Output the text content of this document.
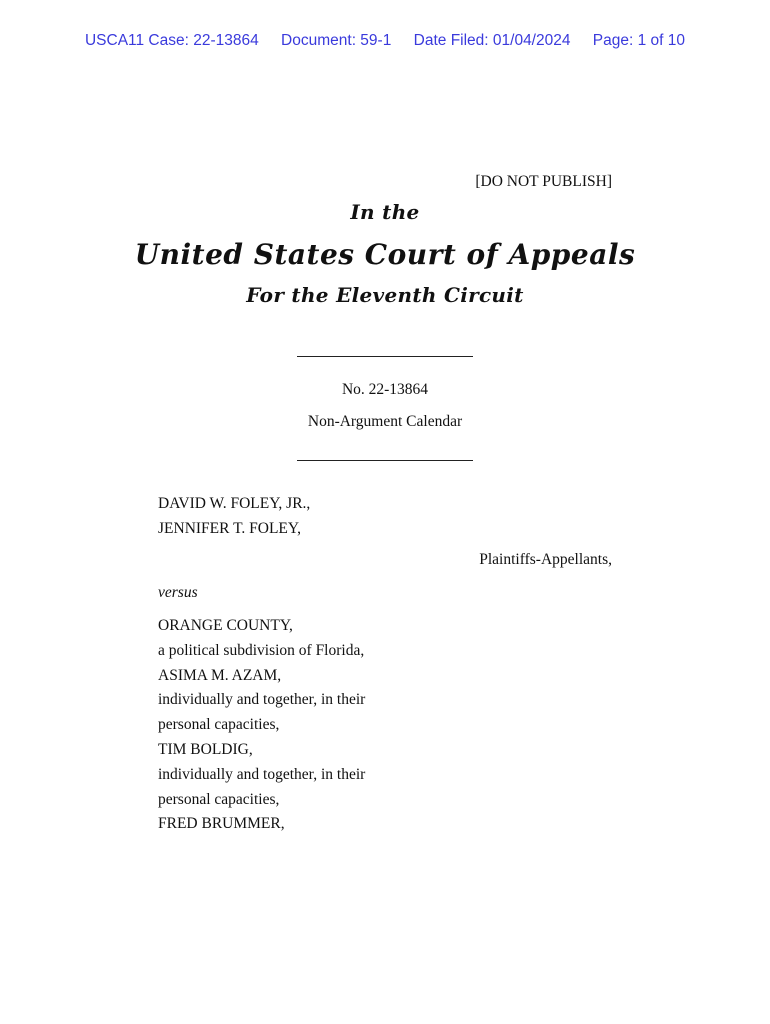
USCA11 Case: 22-13864 Document: 59-1 Date Filed: 01/04/2024 Page: 1 of 10
[DO NOT PUBLISH]
In the
United States Court of Appeals
For the Eleventh Circuit
No. 22-13864
Non-Argument Calendar
DAVID W. FOLEY, JR.,
JENNIFER T. FOLEY,
Plaintiffs-Appellants,
versus
ORANGE COUNTY,
a political subdivision of Florida,
ASIMA M. AZAM,
individually and together, in their
personal capacities,
TIM BOLDIG,
individually and together, in their
personal capacities,
FRED BRUMMER,
